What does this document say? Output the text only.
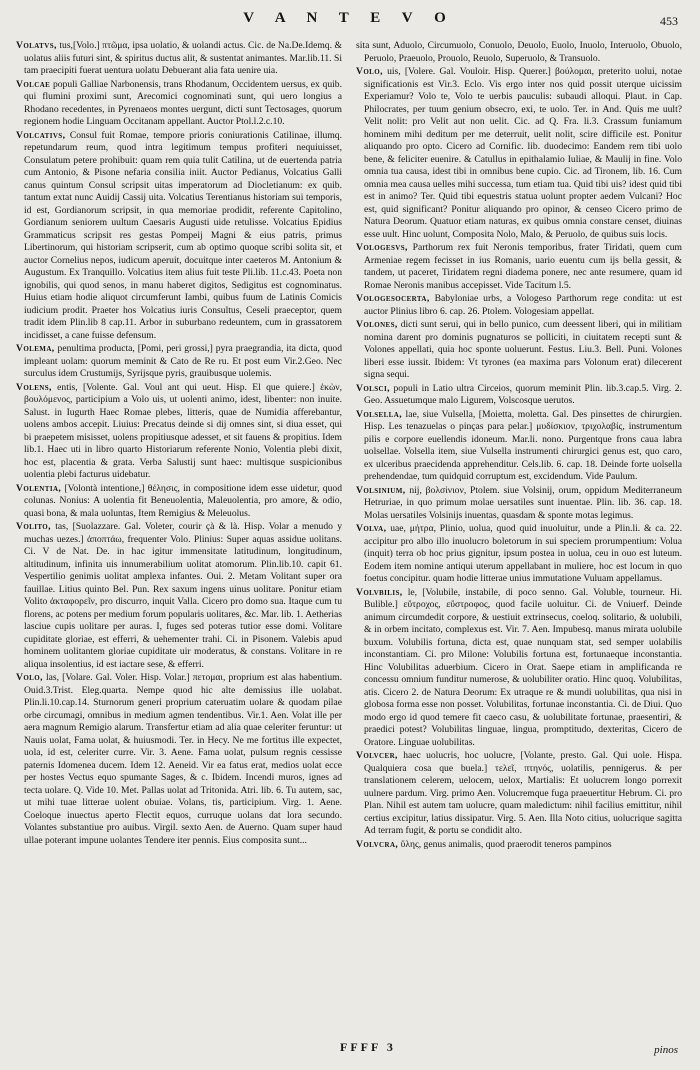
V A N T E V O	453

Volatvs, tus,[Volo.] πτῶμα, ipsa uolatio, & uolandi actus. Cic. de Na.De.Idemq. & uolatus aliis futuri sint, & spiritus ductus alit, & sustentat animantes. Mar.lib.11. Si tam praecipiti fuerat uentura uolatu Debuerant alia fata uenire uia.

Volcae populi Galliae Narbonensis, trans Rhodanum, Occidentem uersus, ex quib. qui flumini proximi sunt, Arecomici cognominati sunt, qui uero longius a Rhodano recedentes, in Pyrenaeos montes uergunt, dicti sunt Tectosages, quorum regionem hodie Linguam Occitanam appellant. Auctor Ptol.l.2.c.10.

Volcativs, Consul fuit Romae, tempore prioris coniurationis Catilinae, illumq. repetundarum reum, quod intra legitimum tempus profiteri nequiuisset, Consulatum petere prohibuit: quam rem quia tulit Catilina, ut de euertenda patria cum Antonio, & Pisone nefaria consilia iniit. Auctor Pedianus, Volcatius Galli canus quintum Consul scripsit uitas imperatorum ad Diocletianum: ex quib. tantum extat nunc Auidij Cassij uita. Volcatius Terentianus historiam sui temporis, id est, Gordianorum scripsit, in qua memoriae prodidit, referente Capitolino, Gordianum seniorem uultum Caesaris Augusti uide retulisse. Volcatius Epidius Grammaticus scripsit res gestas Pompeij Magni & eius patris, primus Libertinorum, qui historiam scripserit, cum ab optimo quoque scribi solita sit, et auctor Cornelius nepos, iudicum aperuit, docuitque inter caeteros M. Antonium & Augustum. Ex Tranquillo. Volcatius item alius fuit teste Pli.lib. 11.c.43. Poeta non ignobilis, qui quod senos, in manu haberet digitos, Sedigitus est cognominatus. Huius etiam hodie aliquot circumferunt Iambi, quibus fuum de Latinis Comicis iudicium prodit. Praeter hos Volcatius iuris Consultus, Ceseli praeceptor, quem tradit idem Plin.lib 8 cap.11. Arbor in suburbano redeuntem, cum in grassatorem incidisset, a cane fuisse defensum.

Volema, penultima producta, [Pomi, peri grossi,] pyra praegrandia, ita dicta, quod impleant uolam: quorum meminit & Cato de Re ru. Et post eum Vir.2.Geo. Nec surculus idem Crustumijs, Syrijsque pyris, grauibusque uolemis.

Volens, entis, [Volente. Gal. Voul ant qui ueut. Hisp. El que quiere.] ἑκὼν, βουλόμενος, participium a Volo uis, ut uolenti animo, idest, libenter: non inuite. Salust. in Iugurth Haec Romae plebes, litteris, quae de Numidia afferebantur, uolens ambos accepit. Liuius: Precatus deinde si dij omnes sint, si diua esset, qui bi praepetem misisset, uolens propitiusque adesset, et sit fauens & propitius. Idem lib.1. Haec uti in libro quarto Historiarum referente Nonio, Volentia plebi dixit, hoc est, placentia & grata. Verba Salustij sunt haec: multisque suspicionibus uolentia plebi facturus uidebatur.

Volentia, [Volontà intentione,] θέλησις, in compositione idem esse uidetur, quod colunas. Nonius: A uolentia fit Beneuolentia, Maleuolentia, pro amore, & odio, quasi bona, & mala uoluntas, Item Remigius & Meleuolus.

Volito, tas, [Suolazzare. Gal. Voleter, courir çà & là. Hisp. Volar a menudo y muchas uezes.] ἀποπτάω, frequenter Volo. Plinius: Super aquas assidue uolitans. Ci. V de Nat. De. in hac igitur immensitate latitudinum, longitudinum, altitudinum, infinita uis innumerabilium uolitat atomorum. Plin.lib.10. capit 61. Vespertilio genimis uolitat amplexa infantes. Oui. 2. Metam Volitant super ora fauillae. Litius quinto Bel. Pun. Rex saxum ingens uinus uolitare. Ponitur etiam Volito ἀκταφορεῖν, pro discurro, inquit Valla. Cicero pro domo sua. Itaque cum tu florens, ac potens per medium forum popularis uolitares, &c. Mar. lib. 1. Aetherias lasciue cupis uolitare per auras. I, fuges sed poteras tutior esse domi. Volitare cupiditate gloriae, est efferri, & uehementer trahi. Ci. in Pisonem. Valebis apud hominem uolitantem gloriae cupiditate uir moderatus, & constans. Volitare in re aliqua insolentius, id est iactare sese, & efferri.

Volo, las, [Volare. Gal. Voler. Hisp. Volar.] πετομαι, proprium est alas habentium. Ouid.3.Trist. Eleg.quarta. Nempe quod hic alte demissius ille uolabat. Plin.li.10.cap.14. Sturnorum generi proprium cateruatim uolare & quodam pilae orbe circumagi, omnibus in medium agmen tendentibus. Vir.1. Aen. Volat ille per aera magnum Remigio alarum. Transfertur etiam ad alia quae celeriter feruntur: ut Nauis uolat, Fama uolat, & huiusmodi. Ter. in Hecy. Ne me fortitus ille expectet, uola, id est, celeriter curre. Vir. 3. Aene. Fama uolat, pulsum regnis cessisse paternis Idomenea ducem. Idem 12. Aeneid. Vir ea fatus erat, medios uolat ecce per hostes Vectus equo spumante Sages, & c. Ibidem. Incendi muros, ignes ad tecta uolare. Q. Vide 10. Met. Pallas uolat ad Tritonida. Atri. lib. 6. Tu autem, sac, ut mihi tuae litterae uolent obuiae. Volans, tis, participium. Virg. 1. Aene. Coeloque inuectus aperto Flectit equos, curruque uolans dat lora secundo. Volantes substantiue pro auibus. Virgil. sexto Aen. de Auerno. Quam super haud ullae poterant impune uolantes Tendere iter pennis. Eius composita sunt...

sita sunt, Aduolo, Circumuolo, Conuolo, Deuolo, Euolo, Inuolo, Interuolo, Obuolo, Peruolo, Praeuolo, Prouolo, Reuolo, Superuolo, & Transuolo.

Volo, uis, [Volere. Gal. Vouloir. Hisp. Querer.] βούλομαι, preterito uolui, notae significationis est Vir.3. Eclo. Vis ergo inter nos quid possit uterque uicissim Experiamur? Volo te, Volo te uerbis pauculis: subaudi alloqui. Plaut. in Cap. Philocrates, per tuum genium obsecro, exi, te uolo. Ter. in And. Quis me uult? Velit nolit: pro Velit aut non uelit. Cic. ad Q. Fra. li.3. Crassum funiamum hominem mihi deditum per me deterruit, uelit nolit, scire difficile est. Ponitur aliquando pro opto. Cicero ad Cornific. lib. duodecimo: Eandem rem tibi uolo bene, & feliciter euenire. & Catullus in epithalamio Iuliae, & Maulij in fine. Volo omnia tua causa, idest tibi in omnibus bene cupio. Cic. ad Tironem, lib. 16. Cum omnia mea causa uelles mihi successa, tum etiam tua. Quid tibi uis? idest quid tibi est in animo? Ter. Quid tibi equestris statua uolunt propter aedem Vulcani? Hoc est, quid significant? Ponitur aliquando pro opinor, & censeo Cicero primo de Natura Deorum. Quatuor etiam naturas, ex quibus omnia constare censet, diuinas esse uult. Hinc uolunt, Composita Nolo, Malo, & Peruolo, de quibus suis locis.

Vologesvs, Parthorum rex fuit Neronis temporibus, frater Tiridati, quem cum Armeniae regem fecisset in ius Romanis, uario euentu cum ijs bella gessit, & tandem, ut paceret, Tiridatem regni diadema ponere, nec ante resumere, quam id Romae Neronis manibus accepisset. Vide Tacitum l.5.

Vologesocerta, Babyloniae urbs, a Vologeso Parthorum rege condita: ut est auctor Plinius libro 6. cap. 26. Ptolem. Vologesiam appellat.

Volones, dicti sunt serui, qui in bello punico, cum deessent liberi, qui in militiam nomina darent pro dominis pugnaturos se polliciti, in ciuitatem recepti sunt & Volones appellati, quia hoc sponte uoluerunt. Festus. Liu.3. Bell. Puni. Volones liberi esse iussit. Ibidem: Vt tyrones (ea maxima pars Volonum erat) dilecerent signa sequi.

Volsci, populi in Latio ultra Circeios, quorum meminit Plin. lib.3.cap.5. Virg. 2. Geo. Assuetumque malo Ligurem, Volscosque uerutos.

Volsella, lae, siue Vulsella, [Moietta, moletta. Gal. Des pinsettes de chirurgien. Hisp. Les tenazuelas o pinças para pelar.] μυδίσκιον, τριχολαβίς, instrumentum pilis e corpore euellendis idoneum. Mar.li. nono. Purgentque frons caua labra uolsellae. Volsella item, siue Vulsella instrumenti chirurgici genus est, quo caro, ex ulceribus praecidenda apprehenditur. Cels.lib. 6. cap. 18. Deinde forte uolsella prehendendae, tum quidquid corruptum est, excidendum. Vide Paulum.

Volsinium, nij, βολσίνιον, Ptolem. siue Volsinij, orum, oppidum Mediterraneum Hetruriae, in quo primum molae uersatiles sunt inuentae. Plin. lib. 36. cap. 18. Molas uersatiles Volsinijs inuentas, quasdam & sponte motas legimus.

Volva, uae, μήτρα, Plinio, uolua, quod quid inuoluitur, unde a Plin.li. & ca. 22. accipitur pro albo illo inuolucro boletorum in sui speciem prorumpentium: Volua (inquit) terra ob hoc prius gignitur, ipsum postea in uolua, ceu in ouo est luteum. Eodem item nomine antiqui uterum appellabant in muliere, hoc est locum in quo foetus concipitur. quam hodie litterae unius immutatione Vuluam appellamus.

Volvbilis, le, [Volubile, instabile, di poco senno. Gal. Voluble, tourneur. Hi. Bulible.] εὔτροχος, εὔστροφος, quod facile uoluitur. Ci. de Vniuerf. Deinde animum circumdedit corpore, & uestiuit extrinsecus, coeloq. solitario, & uolubili, & in orbem incitato, complexus est. Vir. 7. Aen. Impubesq. manus mirata uolubile buxum. Volubilis fortuna, dicta est, quae nunquam stat, sed semper uolabilis inconstantiam. Ci. pro Milone: Volubilis fortuna est, fortunaeque inconstantia. Hinc Volubilitas aduerbium. Cicero in Orat. Saepe etiam in amplificanda re concessu omnium funditur numerose, & uolubiliter oratio. Hinc quoq. Volubilitas, atis. Cicero 2. de Natura Deorum: Ex utraque re & mundi uolubilitas, qua nisi in globosa forma esse non posset. Volubilitas, fortunae inconstantia. Ci. de Diui. Quo modo ergo id quod temere fit caeco casu, & uolubilitate fortunae, praesentiri, & praedici potest? Volubilitas linguae, lingua, promptitudo, dexteritas, Cicero de Oratore. Linguae uolubilitas.

Volvcer, haec uolucris, hoc uolucre, [Volante, presto. Gal. Qui uole. Hispa. Qualquiera cosa que buela.] τελεῖ, πτηνός, uolatilis, pennigerus. & per translationem celerem, uelocem, uelox, Martialis: Et uolucrem longo porrexit uulnere pardum. Virg. primo Aen. Volucremque fuga praeuertitur Hebrum. Ci. pro Plan. Nihil est autem tam uolucre, quam maledictum: nihil facilius emittitur, nihil certius excipitur, latius dissipatur. Virg. 5. Aen. Illa Noto citius, uolucrique sagitta Ad terram fugit, & portu se condidit alto.

Volvcra, ὕλης, genus animalis, quod praerodit teneros pampinos

FFFF 3	pinos
